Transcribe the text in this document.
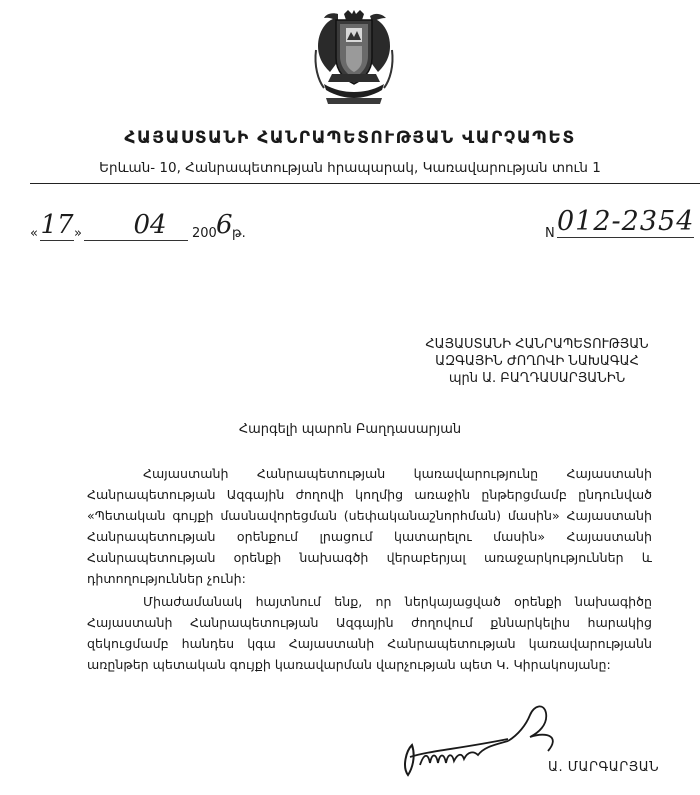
ՀԱՅԱՍՏԱՆԻ ՀԱՆՐԱՊԵՏՈՒԹՅԱՆ ՎԱՐՉԱՊԵՏ
Երևան- 10, Հանրապետության հրապարակ, Կառավարության տուն 1
« 17 »	04	200 6 թ.	N 012-2354
ՀԱՅԱՍՏԱՆԻ ՀԱՆՐԱՊԵՏՈՒԹՅԱՆ
ԱԶԳԱՅԻՆ ԺՈՂՈՎԻ ՆԱԽԱԳԱՀ
պրն Ա. ԲԱՂԴԱՍԱՐՅԱՆԻՆ
Հարգելի պարոն Բաղդասարյան

Հայաստանի Հանրապետության կառավարությունը Հայաստանի Հանրապետության Ազգային ժողովի կողմից առաջին ընթերցմամբ ընդունված «Պետական գույքի մասնավորեցման (սեփականաշնորհման) մասին» Հայաստանի Հանրապետության օրենքում լրացում կատարելու մասին» Հայաստանի Հանրապետության օրենքի նախագծի վերաբերյալ առաջարկություններ և դիտողություններ չունի:

Միաժամանակ հայտնում ենք, որ ներկայացված օրենքի նախագիծը Հայաստանի Հանրապետության Ազգային ժողովում քննարկելիս հարակից զեկուցմամբ հանդես կգա Հայաստանի Հանրապետության կառավարությանն առընթեր պետական գույքի կառավարման վարչության պետ Կ. Կիրակոսյանը:

Ա. ՄԱՐԳԱՐՅԱՆ
